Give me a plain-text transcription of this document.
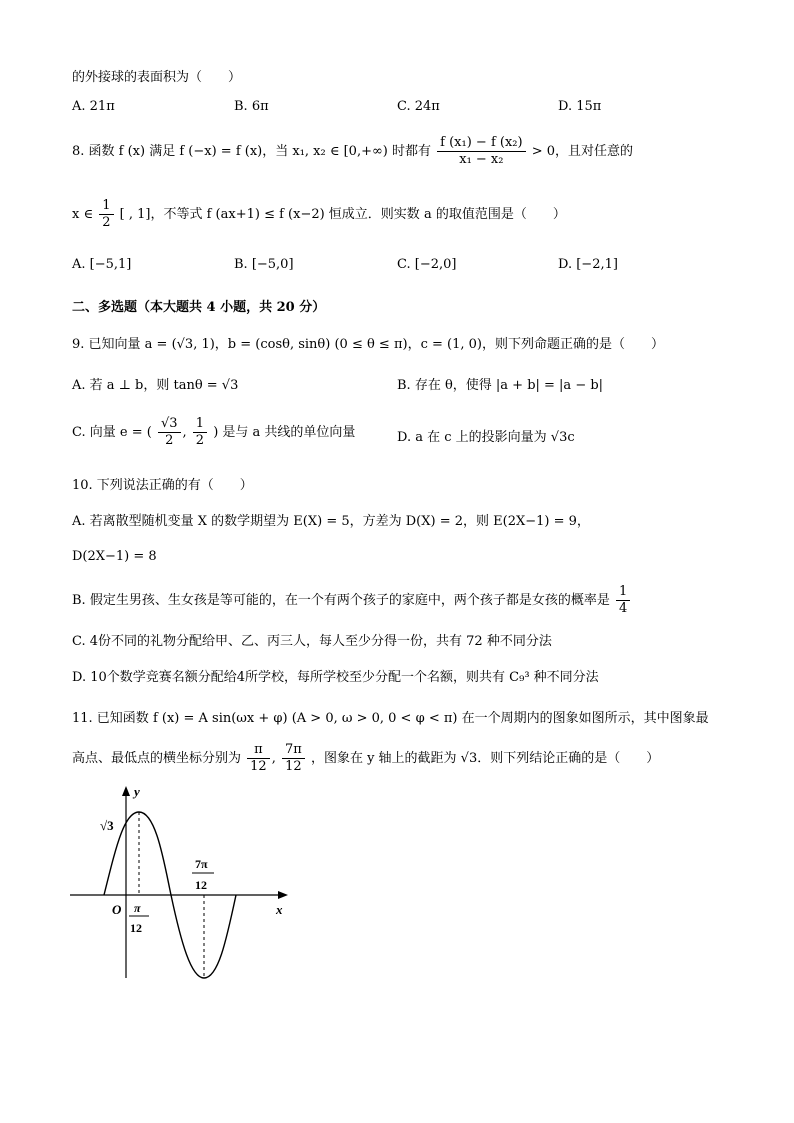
的外接球的表面积为（　　）
A. 21π	B. 6π	C. 24π	D. 15π
8. 函数 f (x) 满足 f (−x) = f (x)，当 x₁, x₂ ∈ [0,+∞) 时都有 $\frac{\text{f (x₁) − f (x₂)}}{\text{x₁ − x₂}} > 0$，且对任意的
x ∈ $\frac{1}{2}$ [ , 1]，不等式 f (ax+1) ≤ f (x−2) 恒成立．则实数 a 的取值范围是（　　）
A. [−5,1]	B. [−5,0]	C. [−2,0]	D. [−2,1]
二、多选题（本大题共 4 小题，共 20 分）
9. 已知向量 a = (√3, 1)，b = (cosθ, sinθ) (0 ≤ θ ≤ π)，c = (1, 0)，则下列命题正确的是（　　）
A. 若 a ⊥ b，则 tanθ = √3	B. 存在 θ，使得 |a + b| = |a − b|
C. 向量 e = ( $\frac{√3}{2}$ , $\frac{1}{2}$ ) 是与 a 共线的单位向量	D. a 在 c 上的投影向量为 √3c
10. 下列说法正确的有（　　）
A. 若离散型随机变量 X 的数学期望为 E(X) = 5，方差为 D(X) = 2，则 E(2X−1) = 9，
D(2X−1) = 8
B. 假定生男孩、生女孩是等可能的，在一个有两个孩子的家庭中，两个孩子都是女孩的概率是 $\frac{1}{4}$
C. 4份不同的礼物分配给甲、乙、丙三人，每人至少分得一份，共有 72 种不同分法
D. 10个数学竞赛名额分配给4所学校，每所学校至少分配一个名额，则共有 C₉³ 种不同分法
11. 已知函数 f (x) = A sin(ωx + φ) (A > 0, ω > 0, 0 < φ < π) 在一个周期内的图象如图所示，其中图象最
高点、最低点的横坐标分别为 $\frac{\pi}{12}$ , $\frac{7\pi}{12}$ ，图象在 y 轴上的截距为 √3．则下列结论正确的是（　　）
y
x
O
√3
π
12
7π
12
